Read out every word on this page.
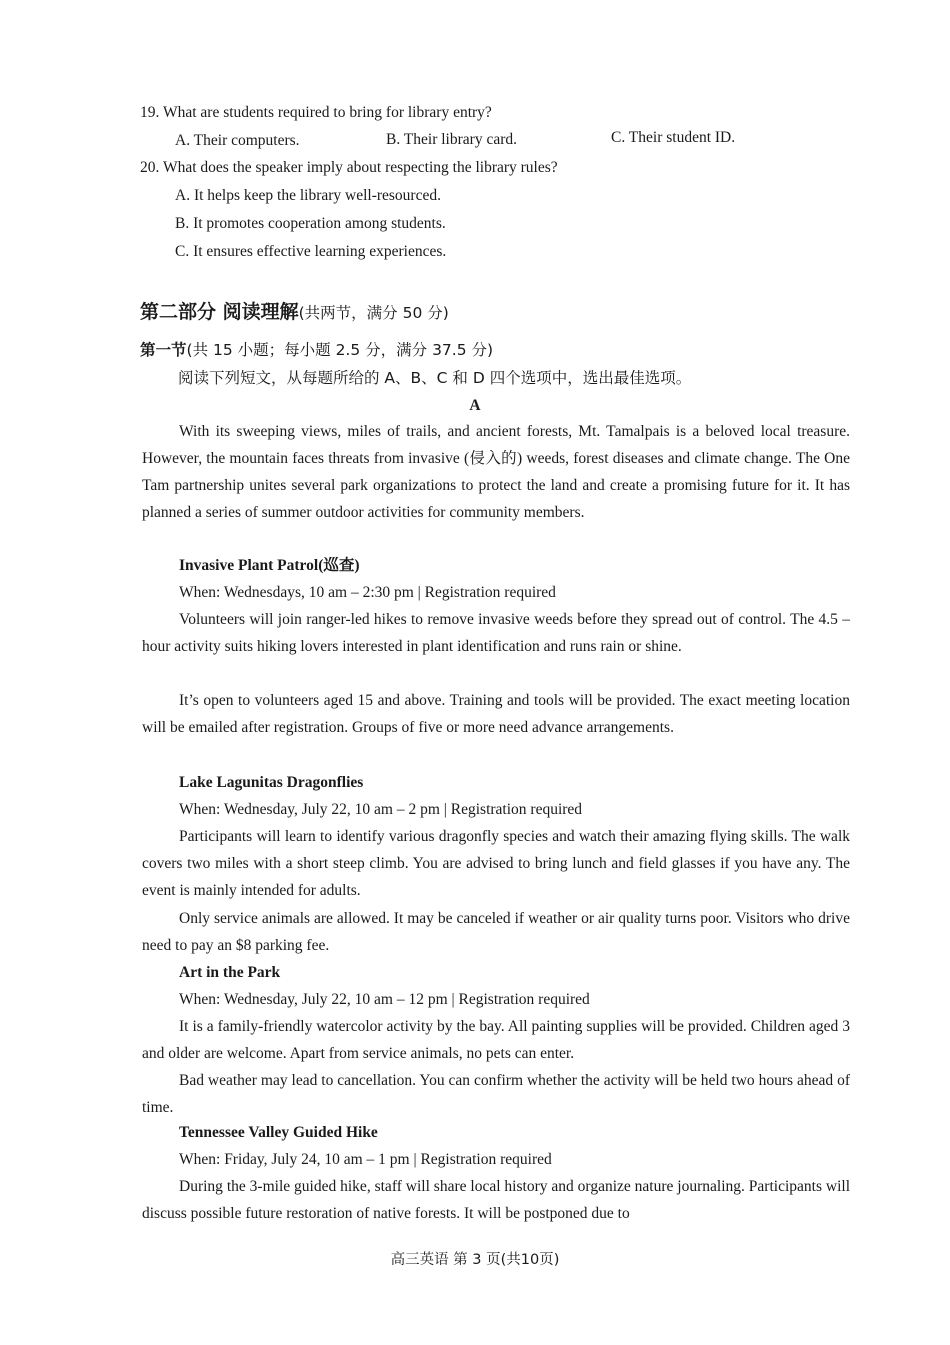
19. What are students required to bring for library entry?
A. Their computers.	B. Their library card.	C. Their student ID.
20. What does the speaker imply about respecting the library rules?
A. It helps keep the library well-resourced.
B. It promotes cooperation among students.
C. It ensures effective learning experiences.
第二部分 阅读理解(共两节，满分 50 分)
第一节(共 15 小题；每小题 2.5 分，满分 37.5 分)
阅读下列短文，从每题所给的 A、B、C 和 D 四个选项中，选出最佳选项。
A
With its sweeping views, miles of trails, and ancient forests, Mt. Tamalpais is a beloved local treasure. However, the mountain faces threats from invasive (侵入的) weeds, forest diseases and climate change. The One Tam partnership unites several park organizations to protect the land and create a promising future for it. It has planned a series of summer outdoor activities for community members.
Invasive Plant Patrol(巡查)
When: Wednesdays, 10 am – 2:30 pm | Registration required
Volunteers will join ranger-led hikes to remove invasive weeds before they spread out of control. The 4.5 – hour activity suits hiking lovers interested in plant identification and runs rain or shine.
It’s open to volunteers aged 15 and above. Training and tools will be provided. The exact meeting location will be emailed after registration. Groups of five or more need advance arrangements.
Lake Lagunitas Dragonflies
When: Wednesday, July 22, 10 am – 2 pm | Registration required
Participants will learn to identify various dragonfly species and watch their amazing flying skills. The walk covers two miles with a short steep climb. You are advised to bring lunch and field glasses if you have any. The event is mainly intended for adults.
Only service animals are allowed. It may be canceled if weather or air quality turns poor. Visitors who drive need to pay an $8 parking fee.
Art in the Park
When: Wednesday, July 22, 10 am – 12 pm | Registration required
It is a family-friendly watercolor activity by the bay. All painting supplies will be provided. Children aged 3 and older are welcome. Apart from service animals, no pets can enter.
Bad weather may lead to cancellation. You can confirm whether the activity will be held two hours ahead of time.
Tennessee Valley Guided Hike
When: Friday, July 24, 10 am – 1 pm | Registration required
During the 3-mile guided hike, staff will share local history and organize nature journaling. Participants will discuss possible future restoration of native forests. It will be postponed due to
高三英语 第 3 页(共10页)
